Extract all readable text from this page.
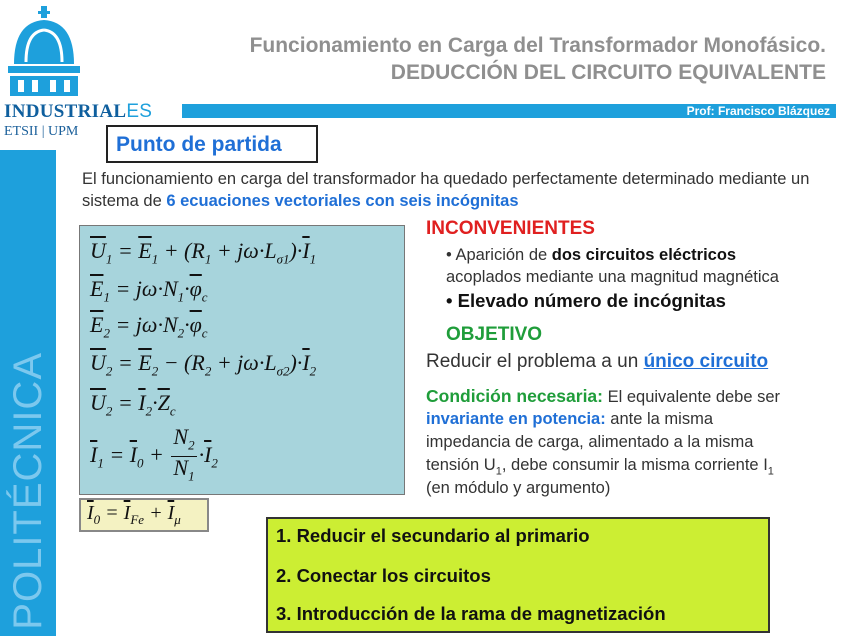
INDUSTRIALES
ETSII | UPM
POLITÉCNICA
Funcionamiento en Carga del Transformador Monofásico.
DEDUCCIÓN DEL CIRCUITO EQUIVALENTE
Prof: Francisco Blázquez
Punto de partida
El funcionamiento en carga del transformador ha quedado perfectamente determinado mediante un sistema de 6 ecuaciones vectoriales con seis incógnitas
$\overline{U}_1 = \overline{E}_1 + (R_1 + j\omega\cdot L_{\sigma 1})\cdot\overline{I}_1$
$\overline{E}_1 = j\omega\cdot N_1\cdot\overline{\varphi}_c$
$\overline{E}_2 = j\omega\cdot N_2\cdot\overline{\varphi}_c$
$\overline{U}_2 = \overline{E}_2 - (R_2 + j\omega\cdot L_{\sigma 2})\cdot\overline{I}_2$
$\overline{U}_2 = \overline{I}_2\cdot\overline{Z}_c$
$\overline{I}_1 = \overline{I}_0 + \frac{N_2}{N_1} \cdot\overline{I}_2$
$\overline{I}_0 = \overline{I}_{Fe} + \overline{I}_\mu$
INCONVENIENTES
• Aparición de dos circuitos eléctricos
acoplados mediante una magnitud magnética
• Elevado número de incógnitas
OBJETIVO
Reducir el problema a un único circuito
Condición necesaria: El equivalente debe ser
invariante en potencia: ante la misma
impedancia de carga, alimentado a la misma
tensión $U_1$, debe consumir la misma corriente $I_1$
(en módulo y argumento)
1. Reducir el secundario al primario
2. Conectar los circuitos
3. Introducción de la rama de magnetización
